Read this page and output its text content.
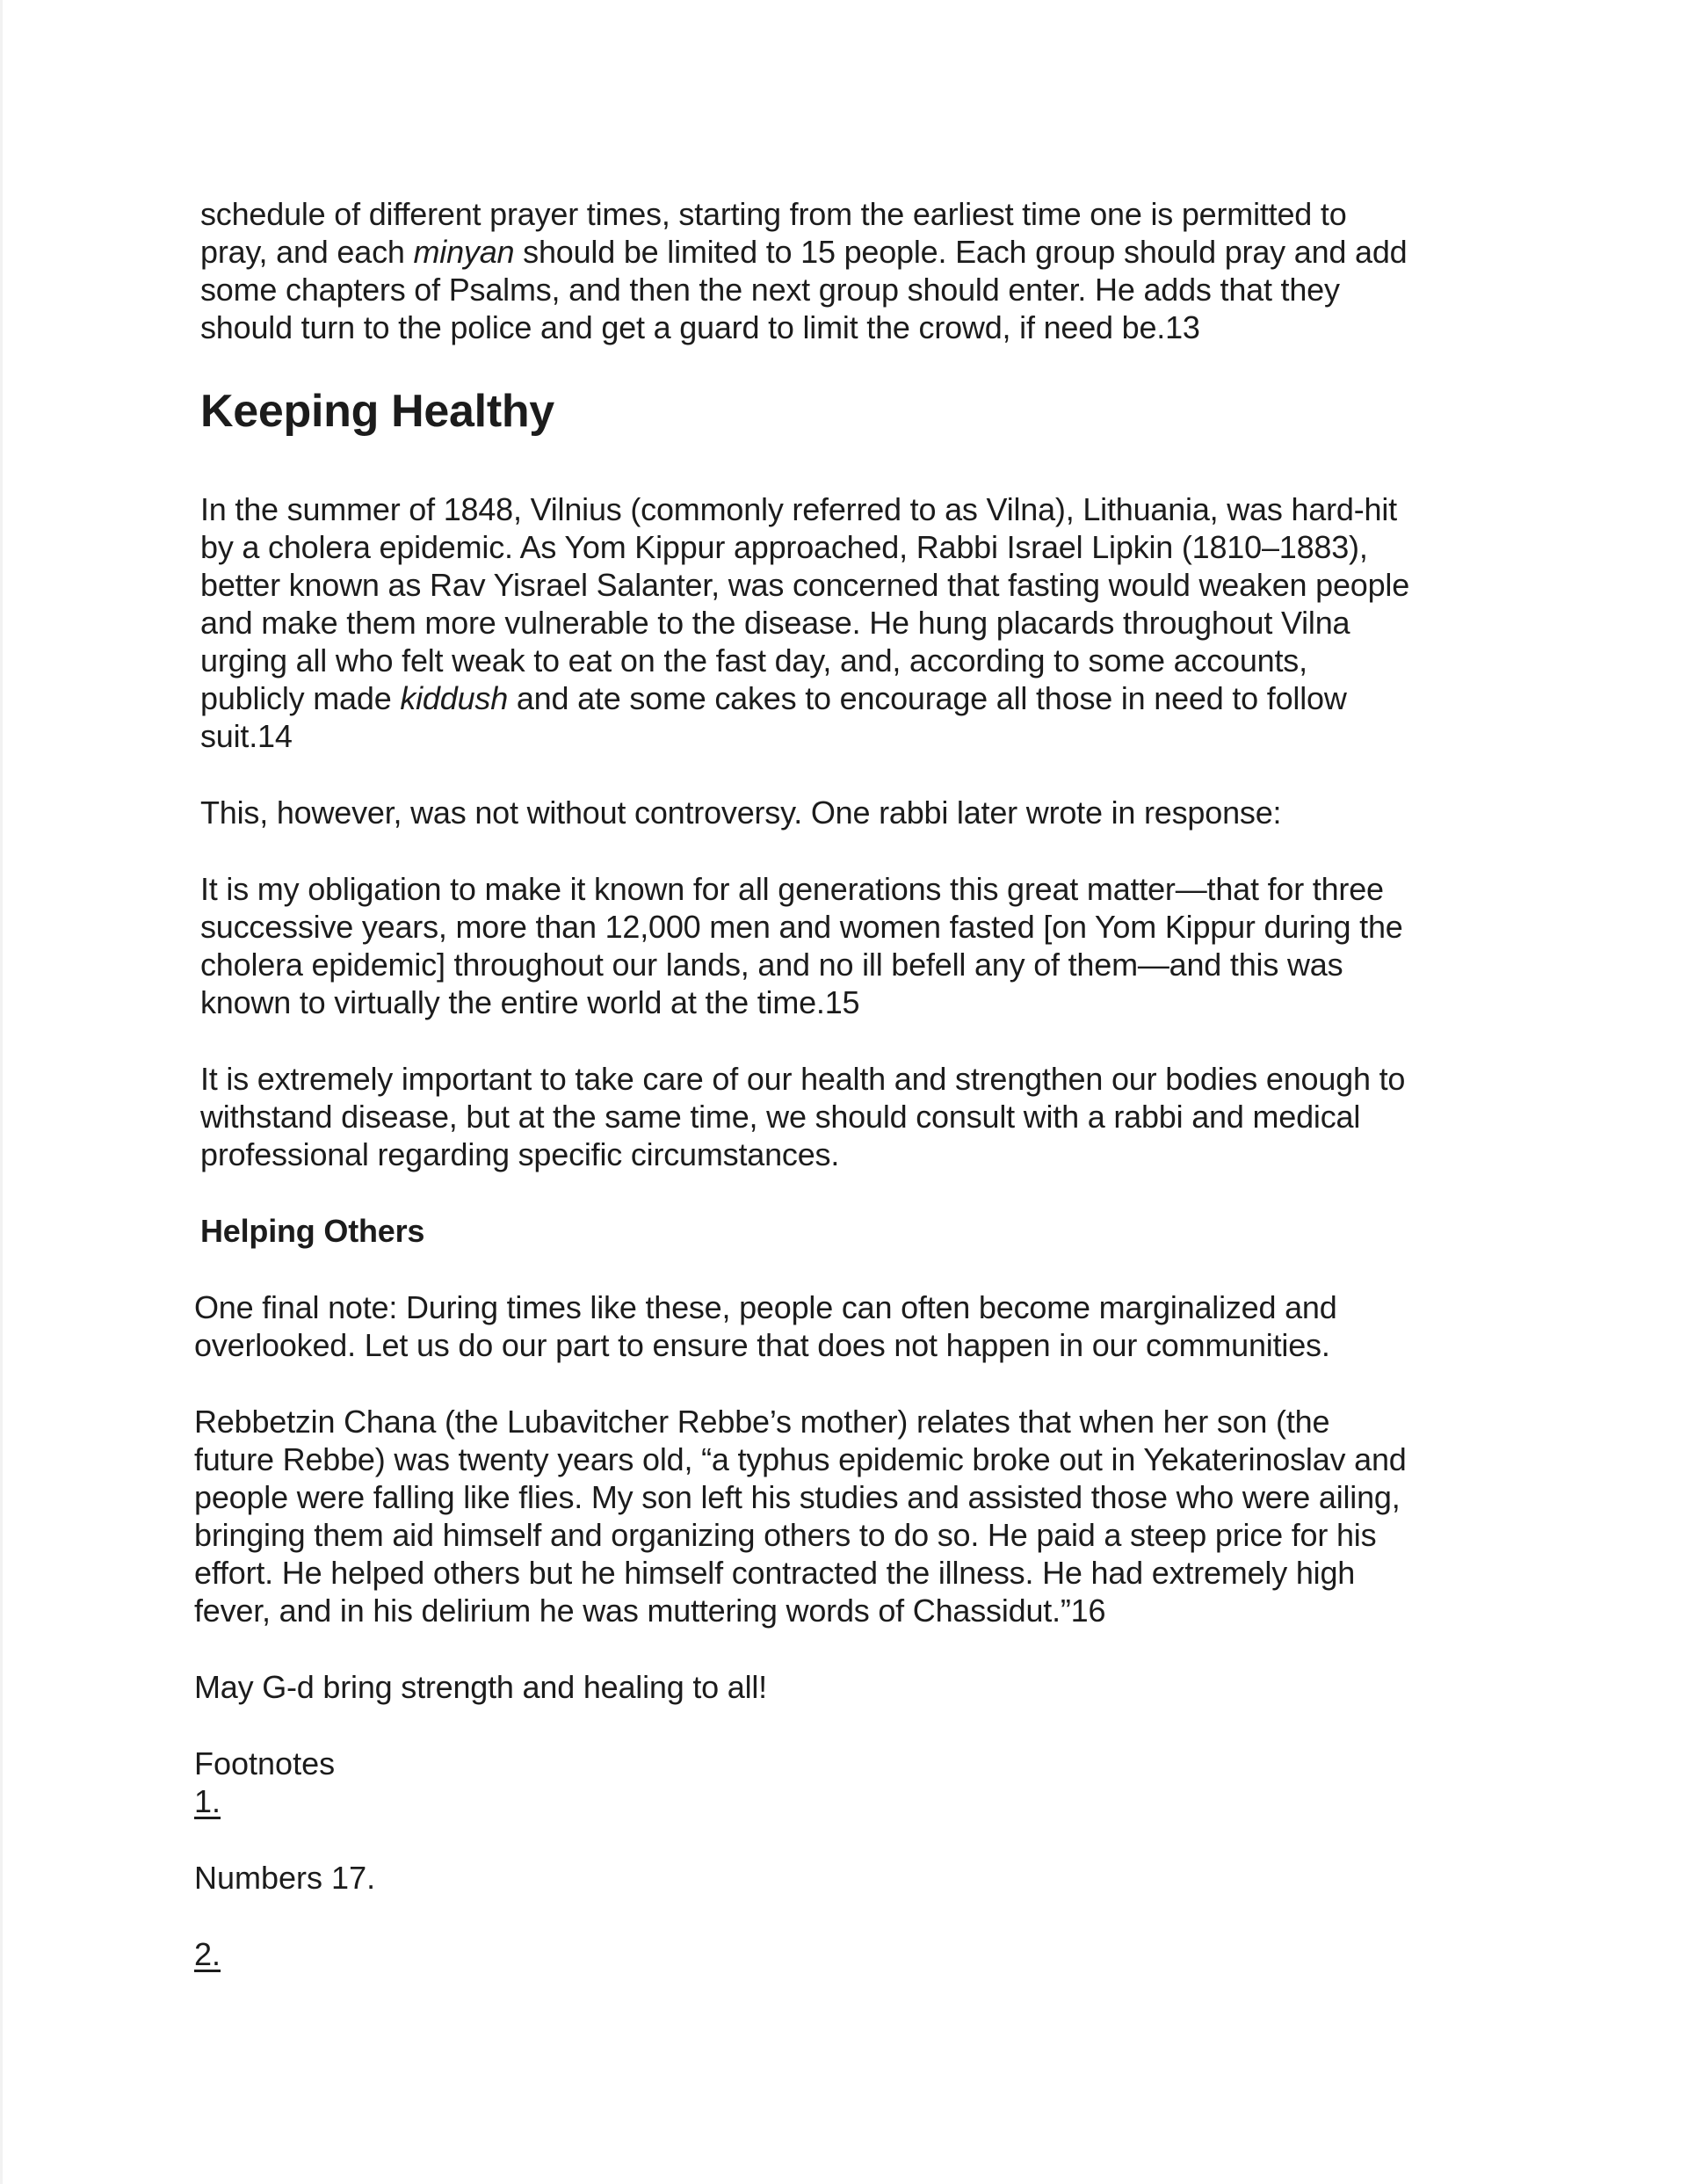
schedule of different prayer times, starting from the earliest time one is permitted to
pray, and each minyan should be limited to 15 people. Each group should pray and add
some chapters of Psalms, and then the next group should enter. He adds that they
should turn to the police and get a guard to limit the crowd, if need be.13
Keeping Healthy
In the summer of 1848, Vilnius (commonly referred to as Vilna), Lithuania, was hard-hit
by a cholera epidemic. As Yom Kippur approached, Rabbi Israel Lipkin (1810–1883),
better known as Rav Yisrael Salanter, was concerned that fasting would weaken people
and make them more vulnerable to the disease. He hung placards throughout Vilna
urging all who felt weak to eat on the fast day, and, according to some accounts,
publicly made kiddush and ate some cakes to encourage all those in need to follow
suit.14
This, however, was not without controversy. One rabbi later wrote in response:
It is my obligation to make it known for all generations this great matter—that for three
successive years, more than 12,000 men and women fasted [on Yom Kippur during the
cholera epidemic] throughout our lands, and no ill befell any of them—and this was
known to virtually the entire world at the time.15
It is extremely important to take care of our health and strengthen our bodies enough to
withstand disease, but at the same time, we should consult with a rabbi and medical
professional regarding specific circumstances.
Helping Others
One final note: During times like these, people can often become marginalized and
overlooked. Let us do our part to ensure that does not happen in our communities.
Rebbetzin Chana (the Lubavitcher Rebbe’s mother) relates that when her son (the
future Rebbe) was twenty years old, “a typhus epidemic broke out in Yekaterinoslav and
people were falling like flies. My son left his studies and assisted those who were ailing,
bringing them aid himself and organizing others to do so. He paid a steep price for his
effort. He helped others but he himself contracted the illness. He had extremely high
fever, and in his delirium he was muttering words of Chassidut.”16
May G-d bring strength and healing to all!
Footnotes
1.
Numbers 17.
2.
